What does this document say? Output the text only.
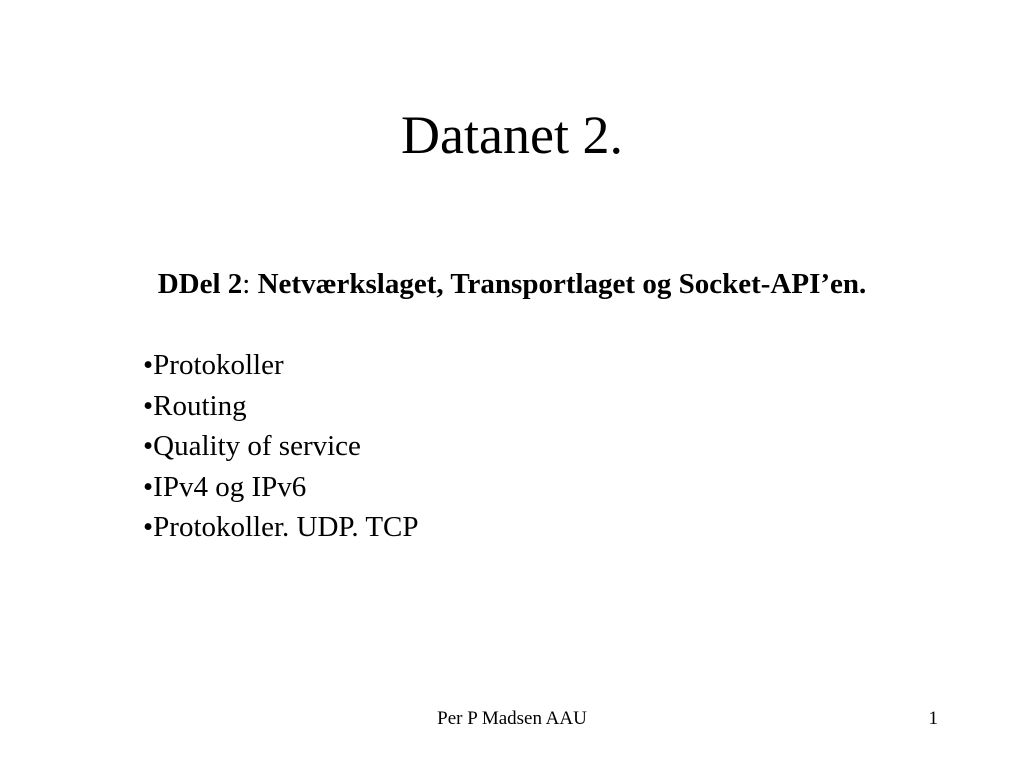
Datanet 2.

DDel 2: Netværkslaget, Transportlaget og Socket-API’en.

•Protokoller
•Routing
•Quality of service
•IPv4 og IPv6
•Protokoller. UDP. TCP
Per P Madsen AAU	1
